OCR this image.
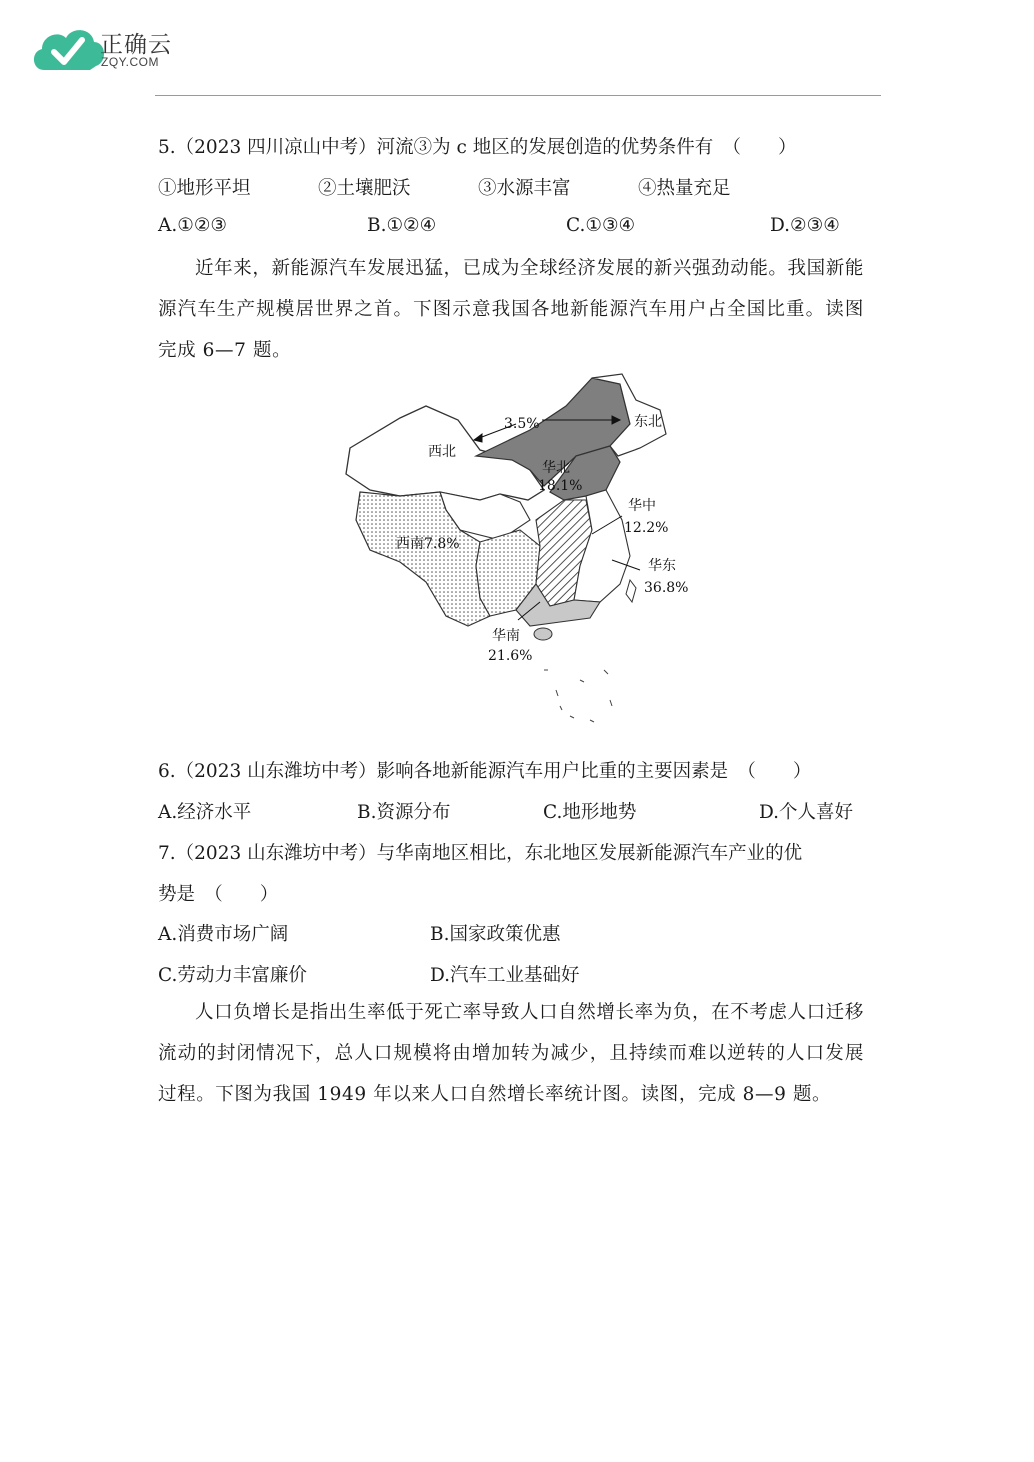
正确云
ZQY.COM
5.（2023 四川凉山中考）河流③为 c 地区的发展创造的优势条件有　（　　）
①地形平坦	②土壤肥沃	③水源丰富	④热量充足
A.①②③	B.①②④	C.①③④	D.②③④
近年来，新能源汽车发展迅猛，已成为全球经济发展的新兴强劲动能。我国新能源汽车生产规模居世界之首。下图示意我国各地新能源汽车用户占全国比重。读图完成 6—7 题。
3.5%	东北
西北
华北
18.1%
华中
12.2%
西南7.8%
华东
36.8%
华南
21.6%
6.（2023 山东潍坊中考）影响各地新能源汽车用户比重的主要因素是　（　　）
A.经济水平	B.资源分布	C.地形地势	D.个人喜好
7.（2023 山东潍坊中考）与华南地区相比，东北地区发展新能源汽车产业的优
势是　（　　）
A.消费市场广阔	B.国家政策优惠
C.劳动力丰富廉价	D.汽车工业基础好
人口负增长是指出生率低于死亡率导致人口自然增长率为负，在不考虑人口迁移流动的封闭情况下，总人口规模将由增加转为减少，且持续而难以逆转的人口发展过程。下图为我国 1949 年以来人口自然增长率统计图。读图，完成 8—9 题。
